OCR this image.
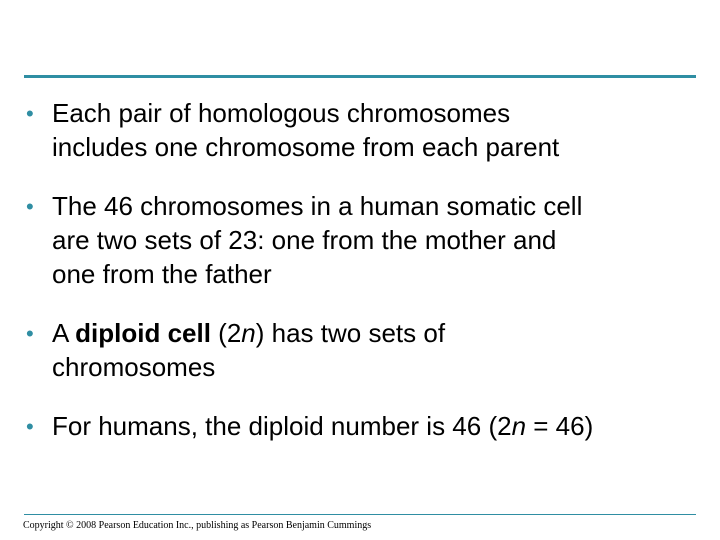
• Each pair of homologous chromosomes
includes one chromosome from each parent
• The 46 chromosomes in a human somatic cell
are two sets of 23: one from the mother and
one from the father
• A diploid cell (2n) has two sets of
chromosomes
• For humans, the diploid number is 46 (2n = 46)
Copyright © 2008 Pearson Education Inc., publishing as Pearson Benjamin Cummings
